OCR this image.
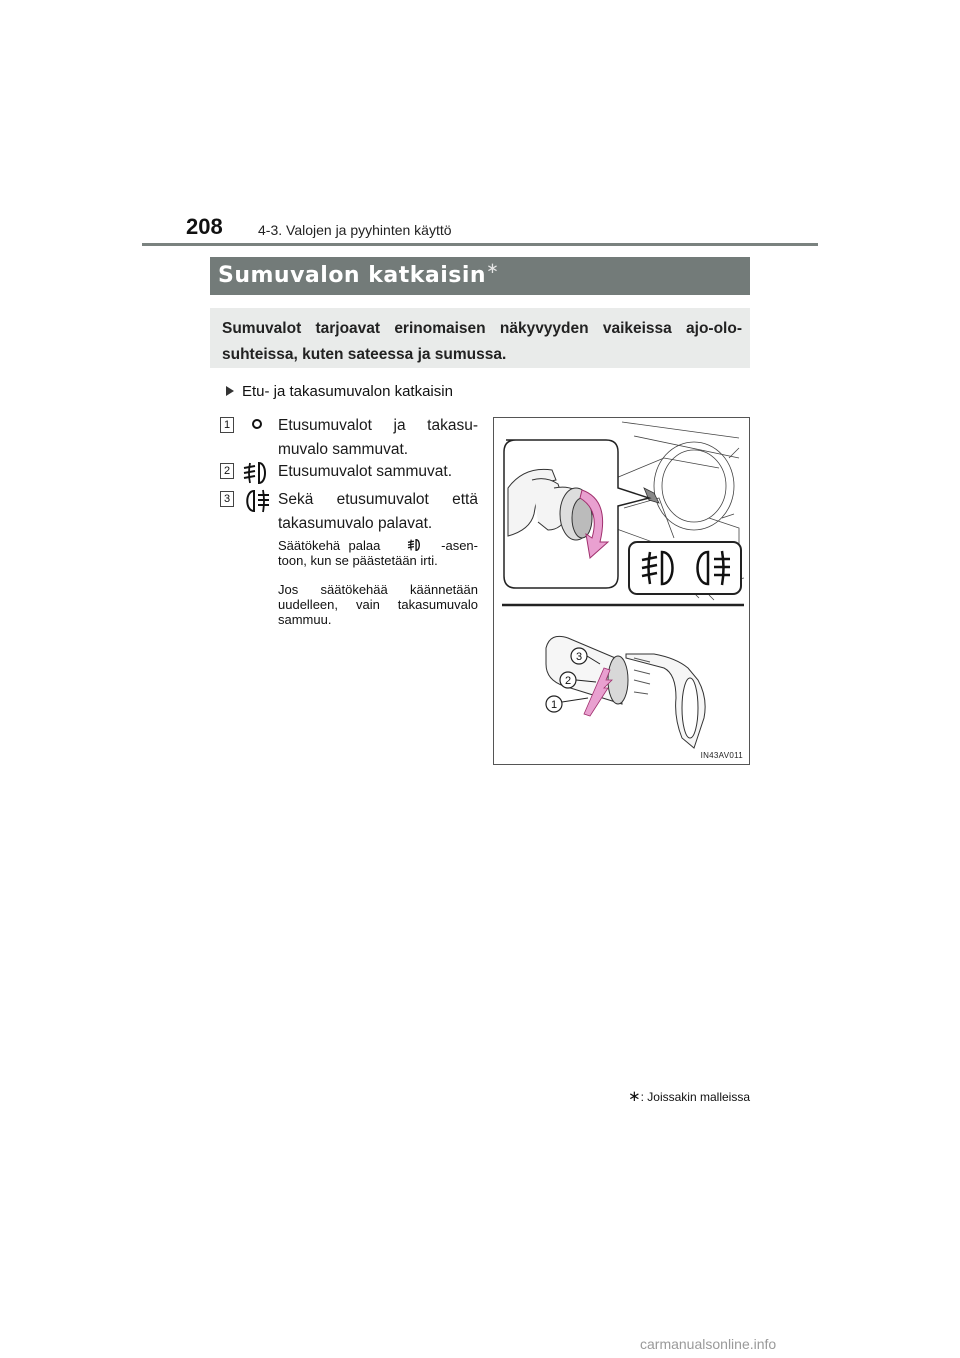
208	4-3. Valojen ja pyyhinten käyttö
Sumuvalon katkaisin∗
Sumuvalot tarjoavat erinomaisen näkyvyyden vaikeissa ajo-olo-suhteissa, kuten sateessa ja sumussa.
Etu- ja takasumuvalon katkaisin
1	Etusumuvalot ja takasu-muvalo sammuvat.
2	Etusumuvalot sammuvat.
3	Sekä etusumuvalot että takasumuvalo palavat.
Säätökehä palaa	-asen-toon, kun se päästetään irti.
Jos säätökehää käännetään uudelleen, vain takasumuvalo sammuu.
3
2
1
IN43AV011
∗: Joissakin malleissa
carmanualsonline.info
